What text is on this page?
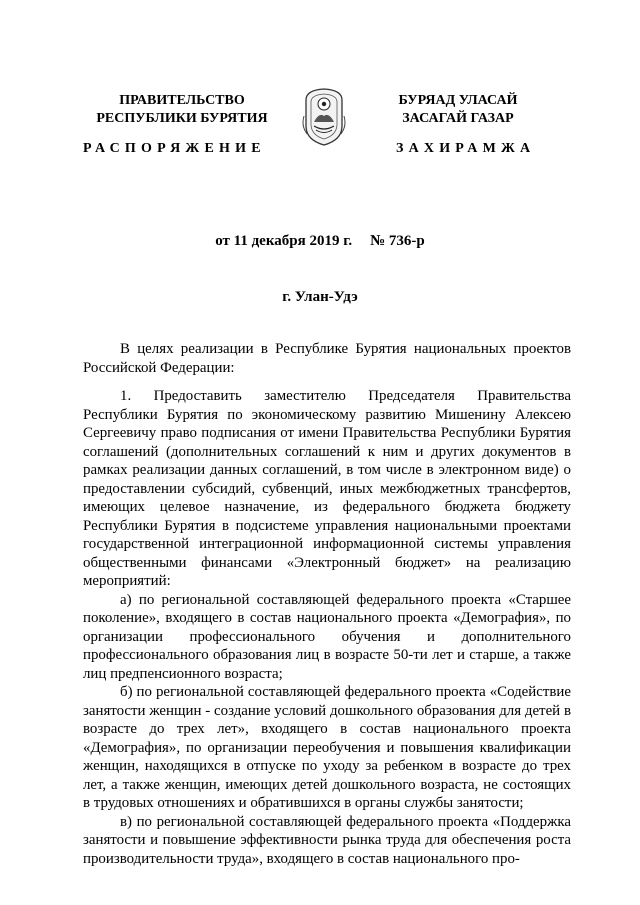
ПРАВИТЕЛЬСТВО
РЕСПУБЛИКИ БУРЯТИЯ
БУРЯАД УЛАСАЙ
ЗАСАГАЙ ГАЗАР
РАСПОРЯЖЕНИЕ	ЗАХИРАМЖА
от 11 декабря 2019 г. № 736-р
г. Улан-Удэ

В целях реализации в Республике Бурятия национальных проектов Российской Федерации:

1. Предоставить заместителю Председателя Правительства Республики Бурятия по экономическому развитию Мишенину Алексею Сергеевичу право подписания от имени Правительства Республики Бурятия соглашений (дополнительных соглашений к ним и других документов в рамках реализации данных соглашений, в том числе в электронном виде) о предоставлении субсидий, субвенций, иных межбюджетных трансфертов, имеющих целевое назначение, из федерального бюджета бюджету Республики Бурятия в подсистеме управления национальными проектами государственной интеграционной информационной системы управления общественными финансами «Электронный бюджет» на реализацию мероприятий:

а) по региональной составляющей федерального проекта «Старшее поколение», входящего в состав национального проекта «Демография», по организации профессионального обучения и дополнительного профессионального образования лиц в возрасте 50-ти лет и старше, а также лиц предпенсионного возраста;

б) по региональной составляющей федерального проекта «Содействие занятости женщин - создание условий дошкольного образования для детей в возрасте до трех лет», входящего в состав национального проекта «Демография», по организации переобучения и повышения квалификации женщин, находящихся в отпуске по уходу за ребенком в возрасте до трех лет, а также женщин, имеющих детей дошкольного возраста, не состоящих в трудовых отношениях и обратившихся в органы службы занятости;

в) по региональной составляющей федерального проекта «Поддержка занятости и повышение эффективности рынка труда для обеспечения роста производительности труда», входящего в состав национального про-
